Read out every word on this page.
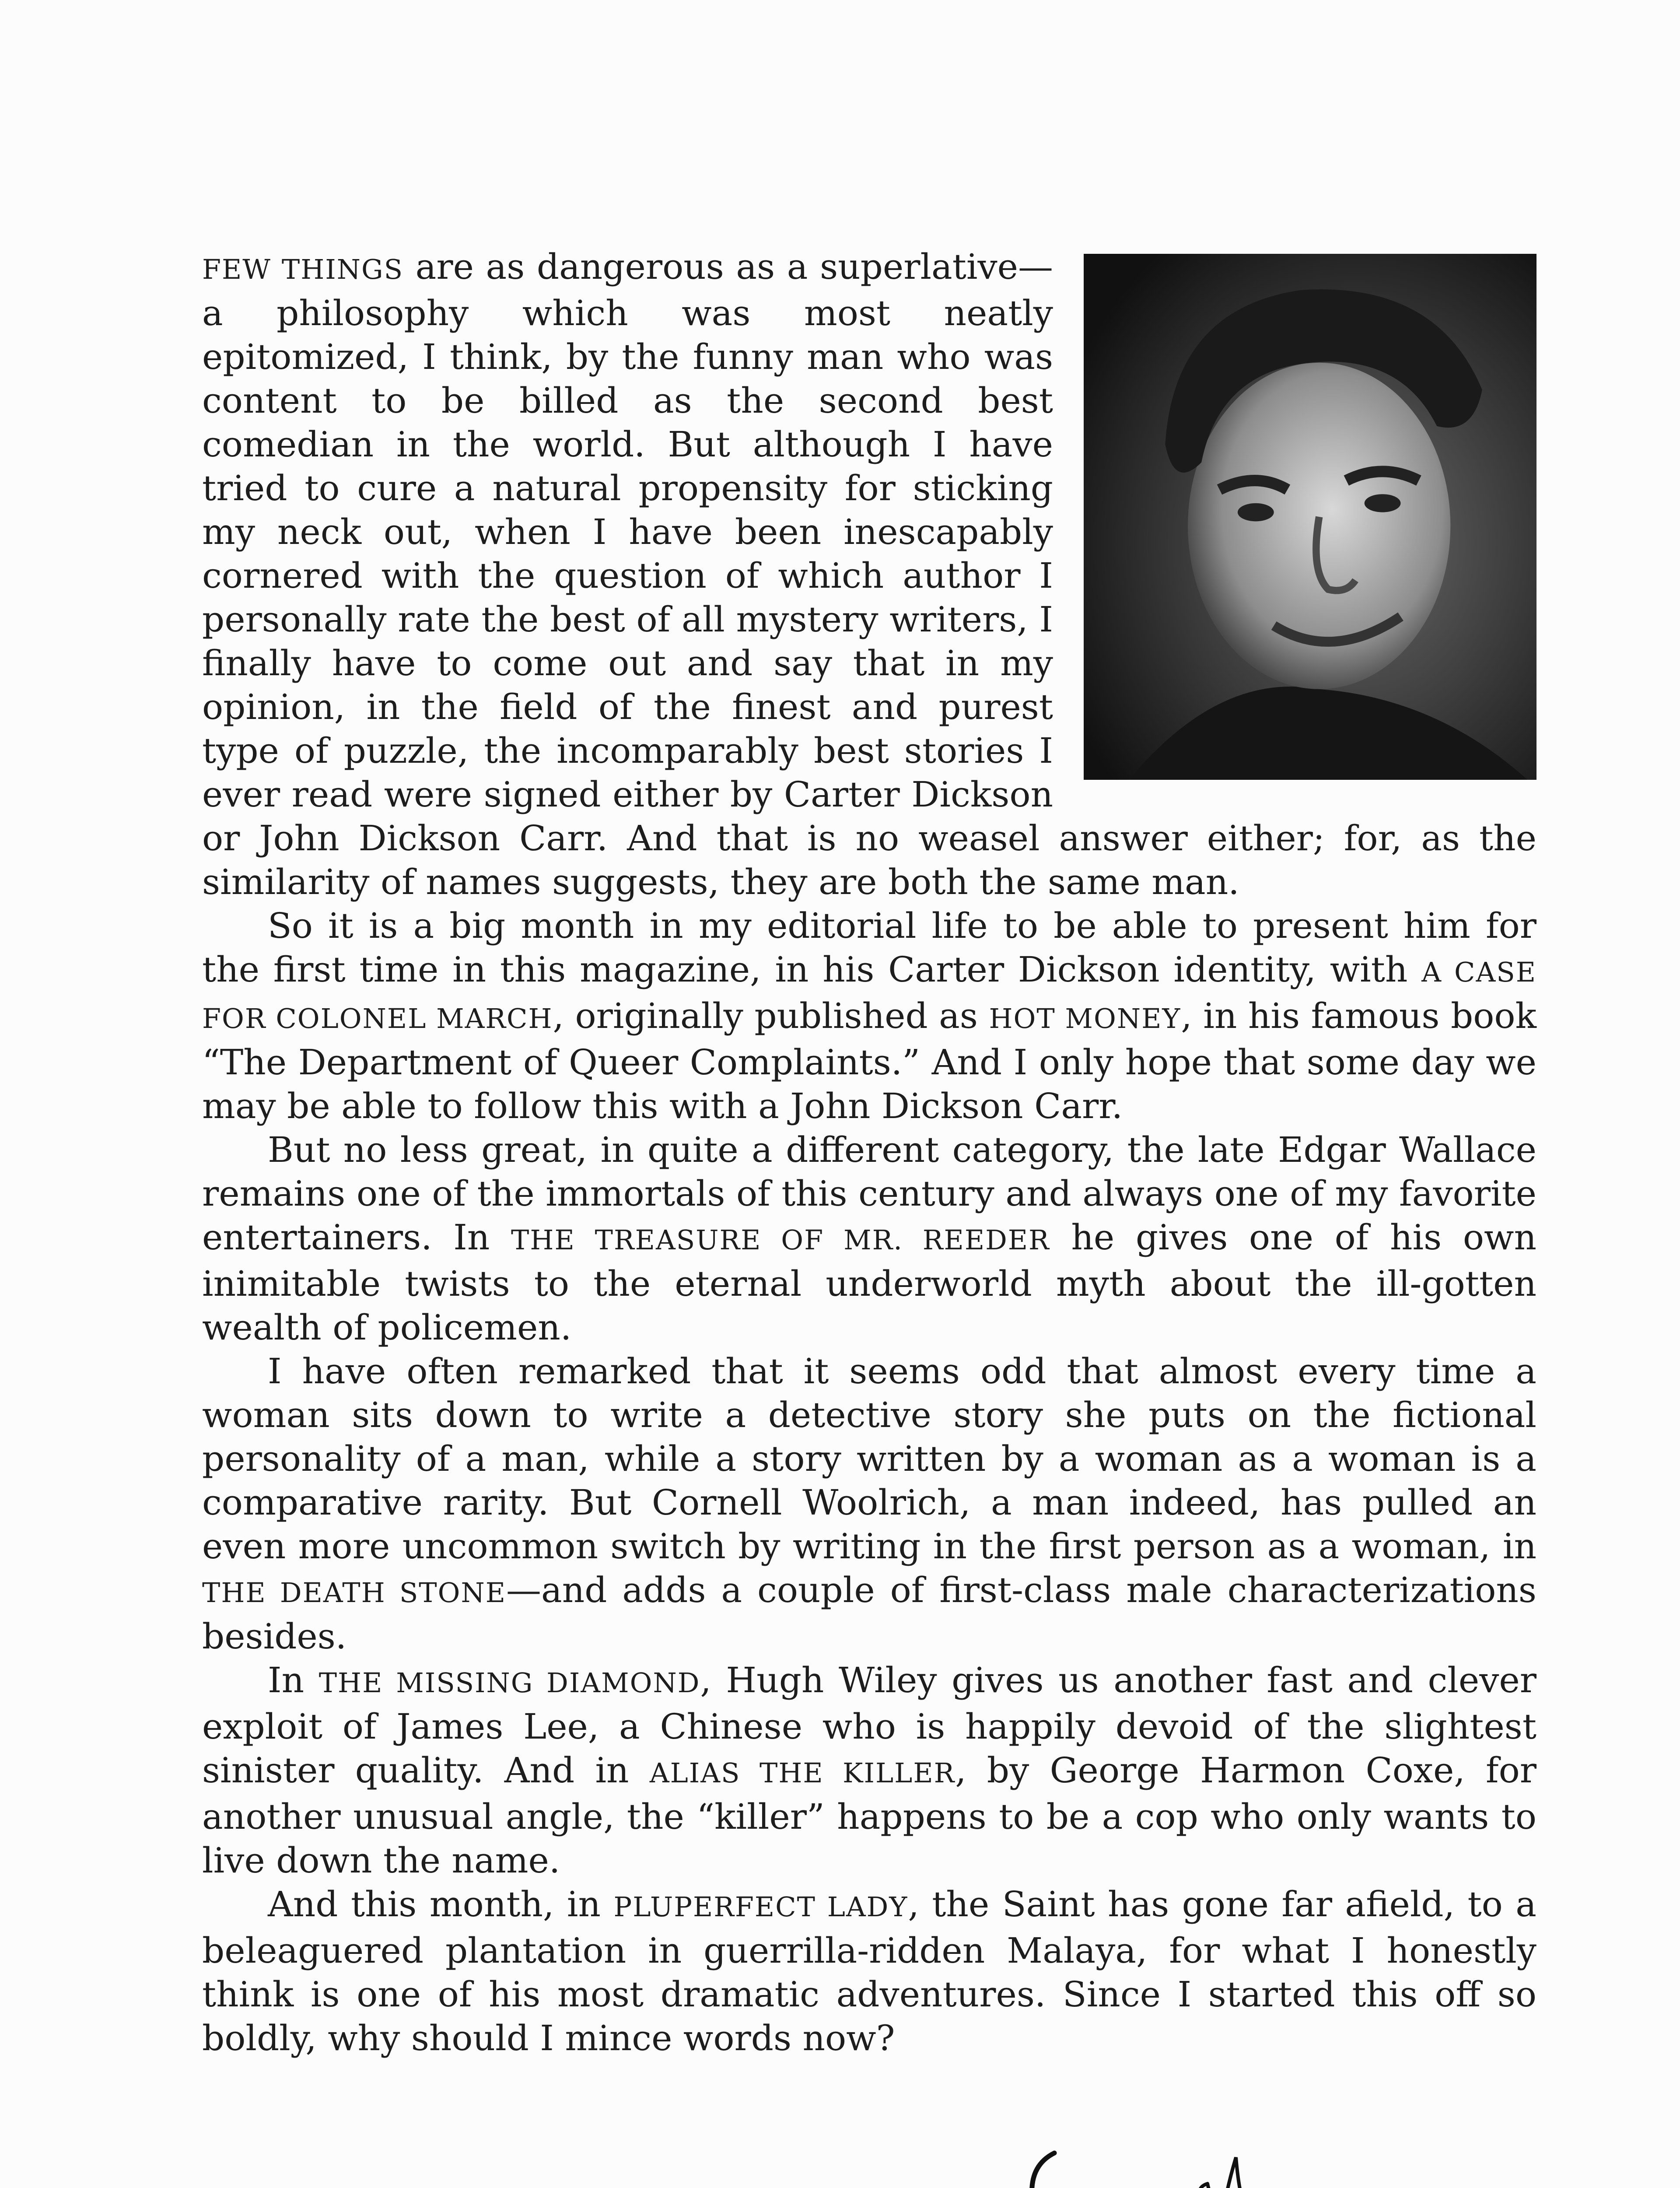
FEW THINGS are as dangerous as a superlative—a philosophy which was most neatly epitomized, I think, by the funny man who was content to be billed as the second best comedian in the world. But although I have tried to cure a natural propensity for sticking my neck out, when I have been inescapably cornered with the question of which author I personally rate the best of all mystery writers, I finally have to come out and say that in my opinion, in the field of the finest and purest type of puzzle, the incomparably best stories I ever read were signed either by Carter Dickson or John Dickson Carr. And that is no weasel answer either; for, as the similarity of names suggests, they are both the same man.

So it is a big month in my editorial life to be able to present him for the first time in this magazine, in his Carter Dickson identity, with A CASE FOR COLONEL MARCH, originally published as HOT MONEY, in his famous book “The Department of Queer Complaints.” And I only hope that some day we may be able to follow this with a John Dickson Carr.

But no less great, in quite a different category, the late Edgar Wallace remains one of the immortals of this century and always one of my favorite entertainers. In THE TREASURE OF MR. REEDER he gives one of his own inimitable twists to the eternal underworld myth about the ill-gotten wealth of policemen.

I have often remarked that it seems odd that almost every time a woman sits down to write a detective story she puts on the fictional personality of a man, while a story written by a woman as a woman is a comparative rarity. But Cornell Woolrich, a man indeed, has pulled an even more uncommon switch by writing in the first person as a woman, in THE DEATH STONE—and adds a couple of first-class male characterizations besides.

In THE MISSING DIAMOND, Hugh Wiley gives us another fast and clever exploit of James Lee, a Chinese who is happily devoid of the slightest sinister quality. And in ALIAS THE KILLER, by George Harmon Coxe, for another unusual angle, the “killer” happens to be a cop who only wants to live down the name.

And this month, in PLUPERFECT LADY, the Saint has gone far afield, to a beleaguered plantation in guerrilla-ridden Malaya, for what I honestly think is one of his most dramatic adventures. Since I started this off so boldly, why should I mince words now?
